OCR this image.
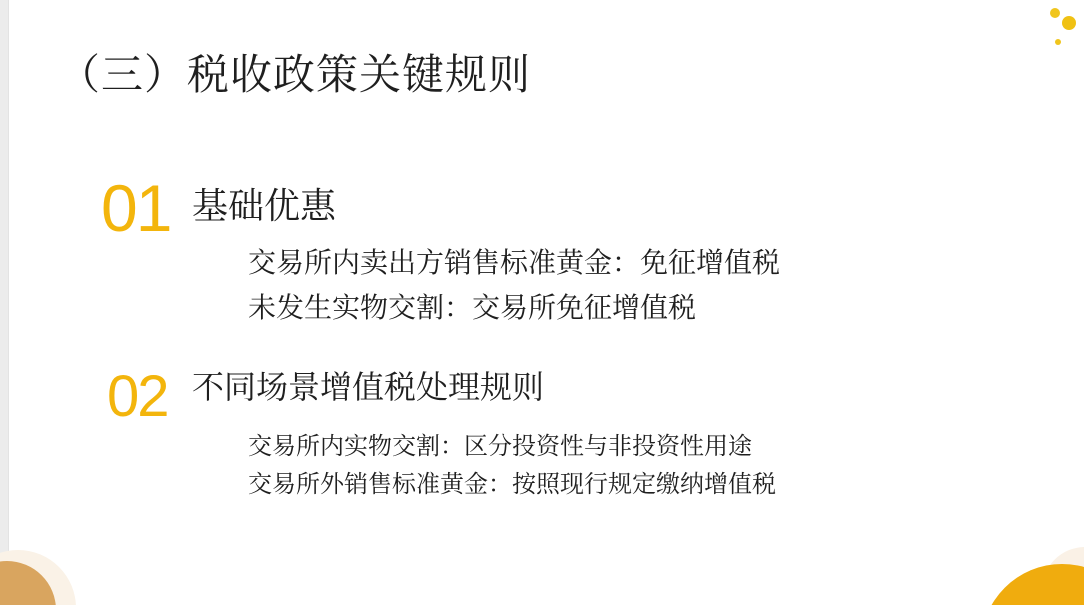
（三）税收政策关键规则
01 基础优惠
交易所内卖出方销售标准黄金：免征增值税
未发生实物交割：交易所免征增值税
02 不同场景增值税处理规则
交易所内实物交割：区分投资性与非投资性用途
交易所外销售标准黄金：按照现行规定缴纳增值税
